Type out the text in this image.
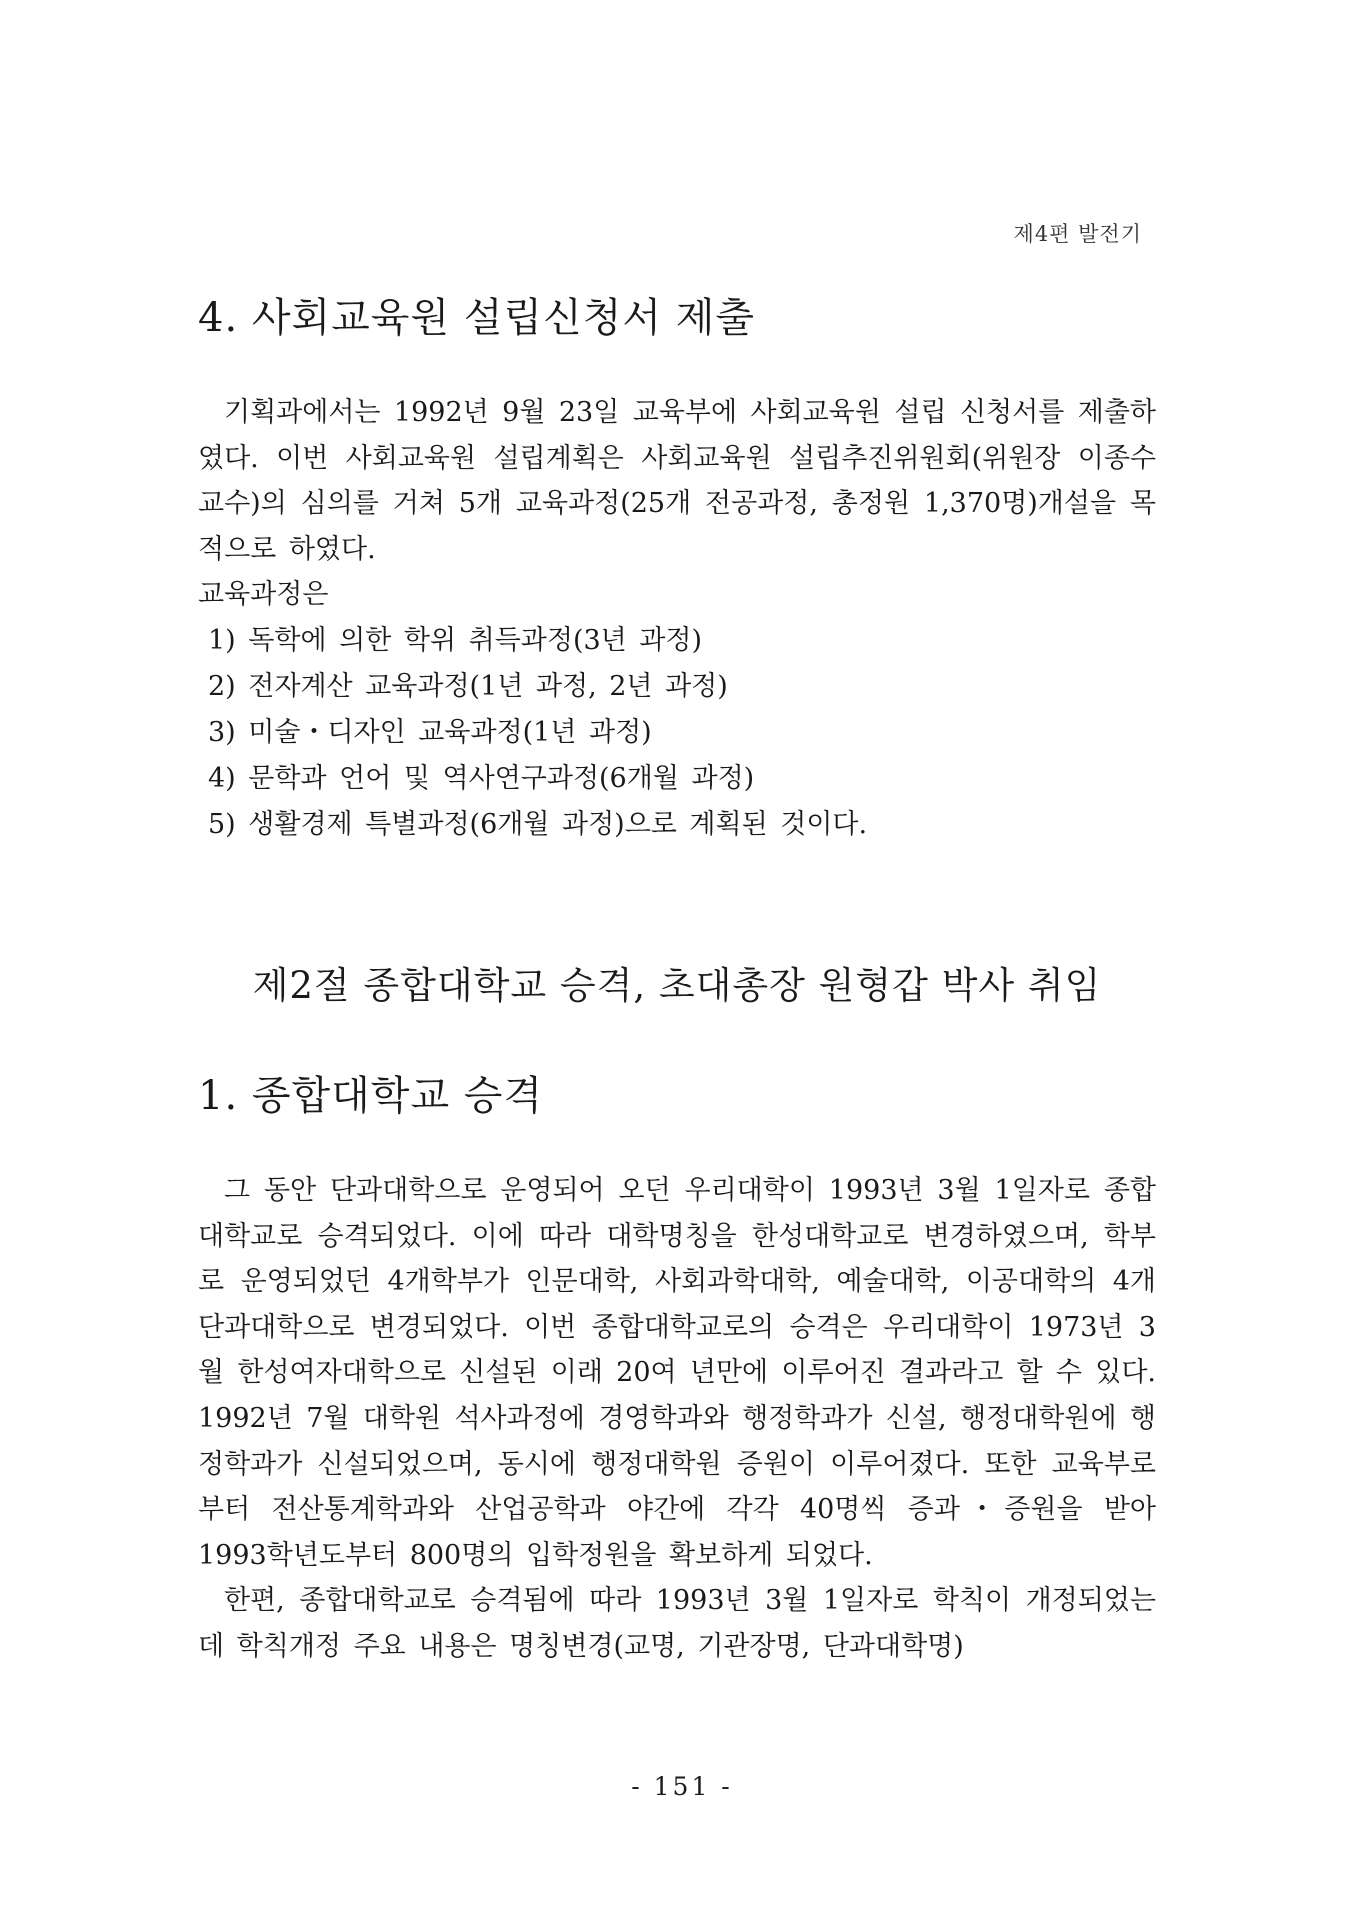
제4편 발전기
4. 사회교육원 설립신청서 제출

기획과에서는 1992년 9월 23일 교육부에 사회교육원 설립 신청서를 제출하였다. 이번 사회교육원 설립계획은 사회교육원 설립추진위원회(위원장 이종수 교수)의 심의를 거쳐 5개 교육과정(25개 전공과정, 총정원 1,370명)개설을 목적으로 하였다.

교육과정은

1) 독학에 의한 학위 취득과정(3년 과정)
2) 전자계산 교육과정(1년 과정, 2년 과정)
3) 미술・디자인 교육과정(1년 과정)
4) 문학과 언어 및 역사연구과정(6개월 과정)
5) 생활경제 특별과정(6개월 과정)으로 계획된 것이다.
제2절 종합대학교 승격, 초대총장 원형갑 박사 취임
1. 종합대학교 승격

그 동안 단과대학으로 운영되어 오던 우리대학이 1993년 3월 1일자로 종합대학교로 승격되었다. 이에 따라 대학명칭을 한성대학교로 변경하였으며, 학부로 운영되었던 4개학부가 인문대학, 사회과학대학, 예술대학, 이공대학의 4개 단과대학으로 변경되었다. 이번 종합대학교로의 승격은 우리대학이 1973년 3월 한성여자대학으로 신설된 이래 20여 년만에 이루어진 결과라고 할 수 있다. 1992년 7월 대학원 석사과정에 경영학과와 행정학과가 신설, 행정대학원에 행정학과가 신설되었으며, 동시에 행정대학원 증원이 이루어졌다. 또한 교육부로부터 전산통계학과와 산업공학과 야간에 각각 40명씩 증과・증원을 받아 1993학년도부터 800명의 입학정원을 확보하게 되었다.

한편, 종합대학교로 승격됨에 따라 1993년 3월 1일자로 학칙이 개정되었는데 학칙개정 주요 내용은 명칭변경(교명, 기관장명, 단과대학명)

- 151 -
